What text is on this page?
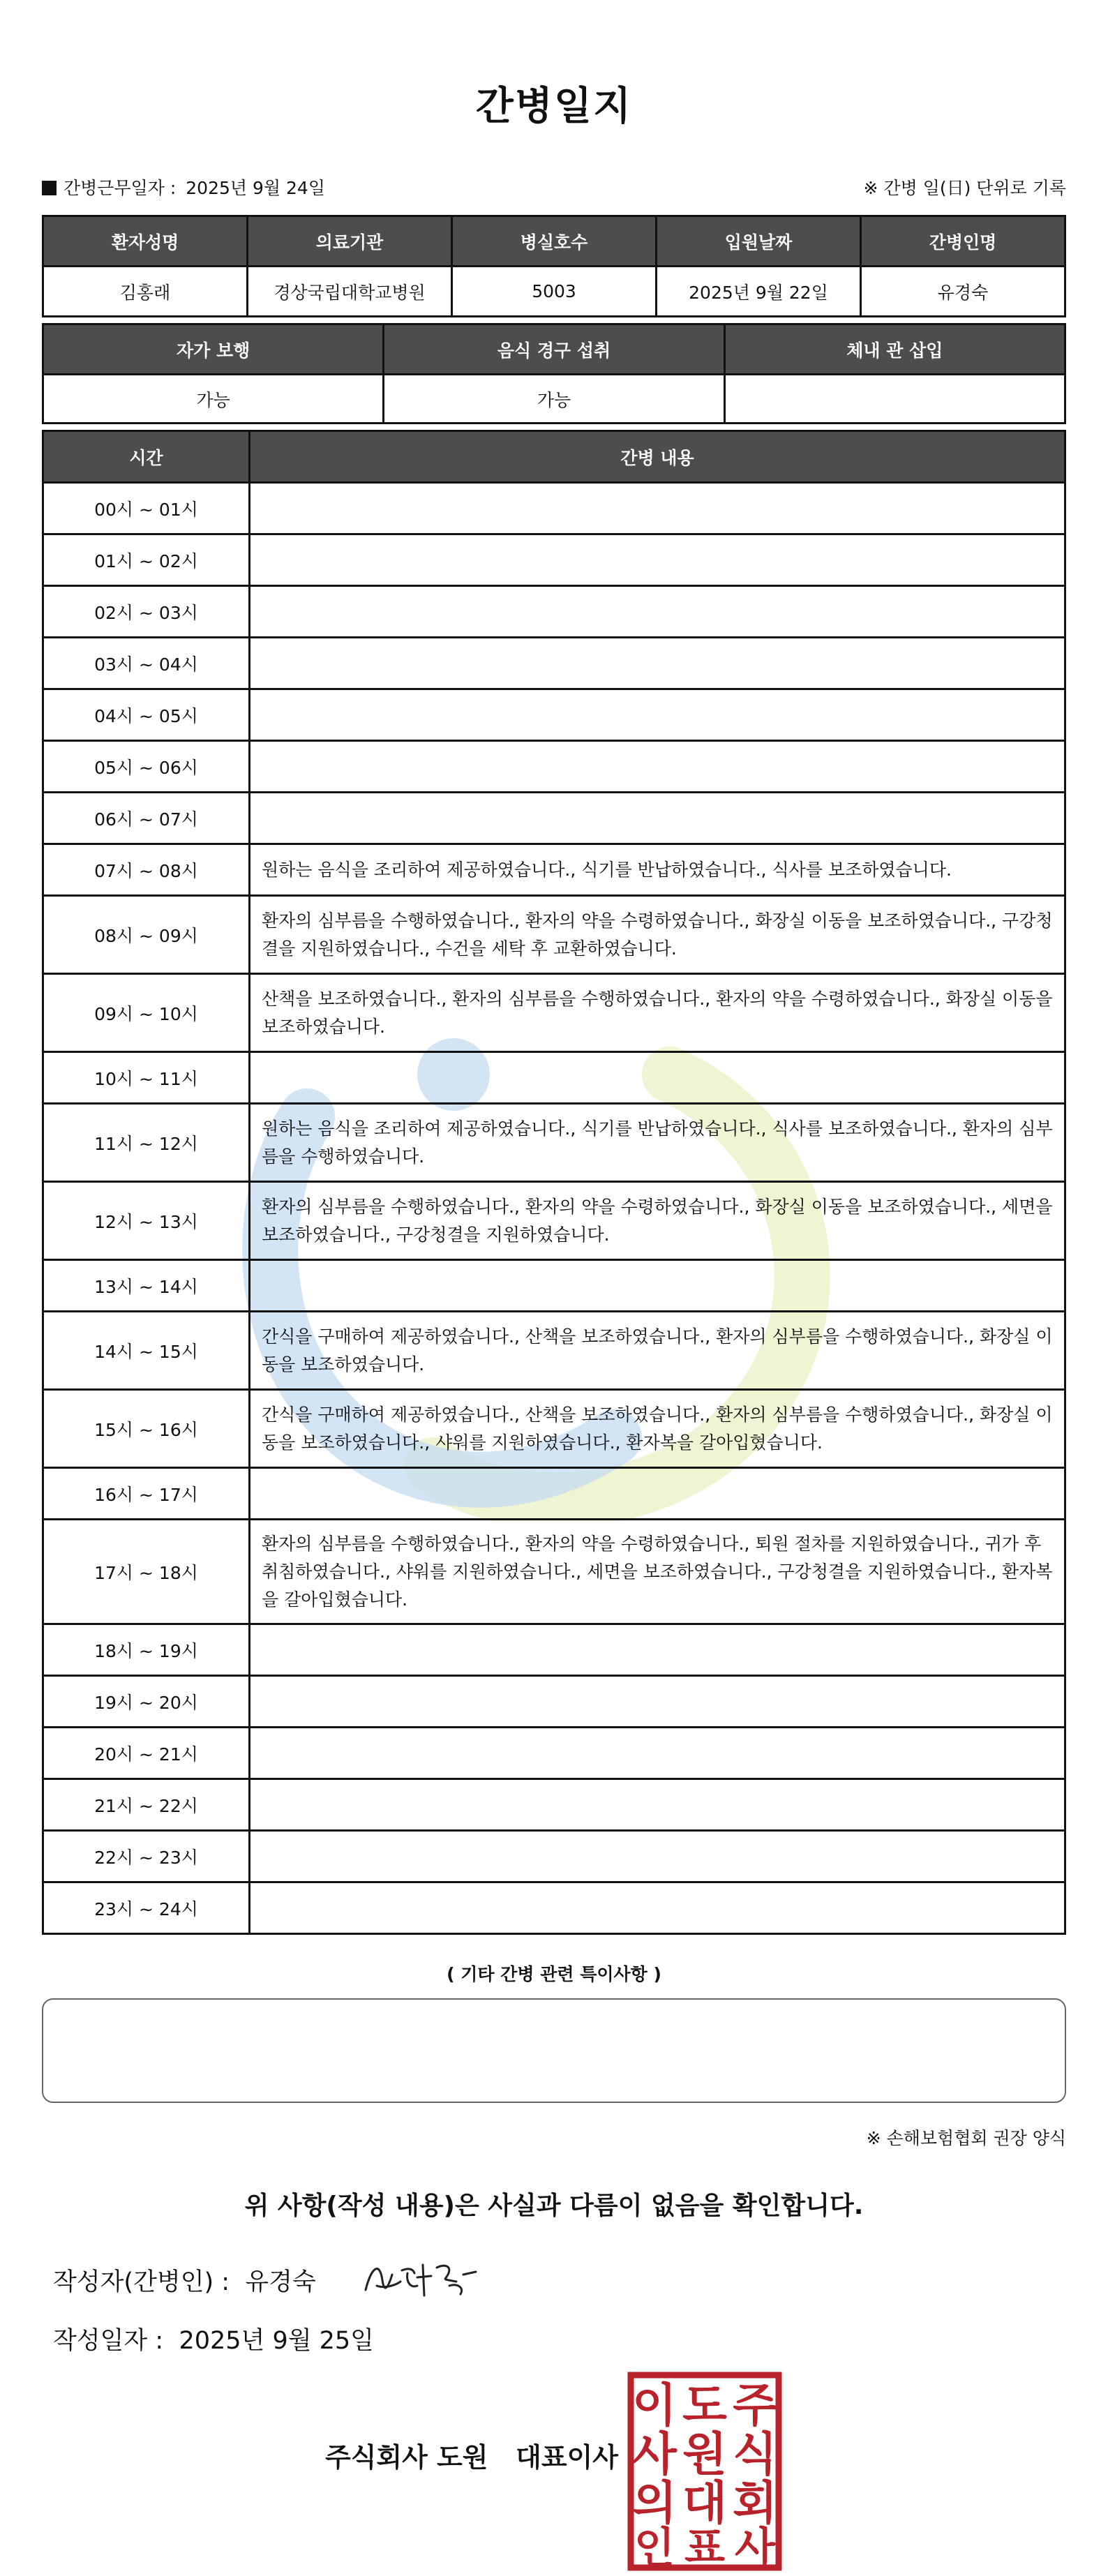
간병일지
간병근무일자 : 2025년 9월 24일	※ 간병 일(日) 단위로 기록
환자성명	의료기관	병실호수	입원날짜	간병인명
김홍래	경상국립대학교병원	5003	2025년 9월 22일	유경숙
자가 보행	음식 경구 섭취	체내 관 삽입
가능	가능	
시간	간병 내용
00시 ~ 01시	
01시 ~ 02시	
02시 ~ 03시	
03시 ~ 04시	
04시 ~ 05시	
05시 ~ 06시	
06시 ~ 07시	
07시 ~ 08시	원하는 음식을 조리하여 제공하였습니다., 식기를 반납하였습니다., 식사를 보조하였습니다.
08시 ~ 09시	환자의 심부름을 수행하였습니다., 환자의 약을 수령하였습니다., 화장실 이동을 보조하였습니다., 구강청결을 지원하였습니다., 수건을 세탁 후 교환하였습니다.
09시 ~ 10시	산책을 보조하였습니다., 환자의 심부름을 수행하였습니다., 환자의 약을 수령하였습니다., 화장실 이동을 보조하였습니다.
10시 ~ 11시	
11시 ~ 12시	원하는 음식을 조리하여 제공하였습니다., 식기를 반납하였습니다., 식사를 보조하였습니다., 환자의 심부름을 수행하였습니다.
12시 ~ 13시	환자의 심부름을 수행하였습니다., 환자의 약을 수령하였습니다., 화장실 이동을 보조하였습니다., 세면을 보조하였습니다., 구강청결을 지원하였습니다.
13시 ~ 14시	
14시 ~ 15시	간식을 구매하여 제공하였습니다., 산책을 보조하였습니다., 환자의 심부름을 수행하였습니다., 화장실 이동을 보조하였습니다.
15시 ~ 16시	간식을 구매하여 제공하였습니다., 산책을 보조하였습니다., 환자의 심부름을 수행하였습니다., 화장실 이동을 보조하였습니다., 샤워를 지원하였습니다., 환자복을 갈아입혔습니다.
16시 ~ 17시	
17시 ~ 18시	환자의 심부름을 수행하였습니다., 환자의 약을 수령하였습니다., 퇴원 절차를 지원하였습니다., 귀가 후 취침하였습니다., 샤워를 지원하였습니다., 세면을 보조하였습니다., 구강청결을 지원하였습니다., 환자복을 갈아입혔습니다.
18시 ~ 19시	
19시 ~ 20시	
20시 ~ 21시	
21시 ~ 22시	
22시 ~ 23시	
23시 ~ 24시	
( 기타 간병 관련 특이사항 )
※ 손해보험협회 권장 양식
위 사항(작성 내용)은 사실과 다름이 없음을 확인합니다.
작성자(간병인) : 유경숙
작성일자 : 2025년 9월 25일
주식회사 도원   대표이사
주
식
회
사
도
원
대
표
이
사
의
인
